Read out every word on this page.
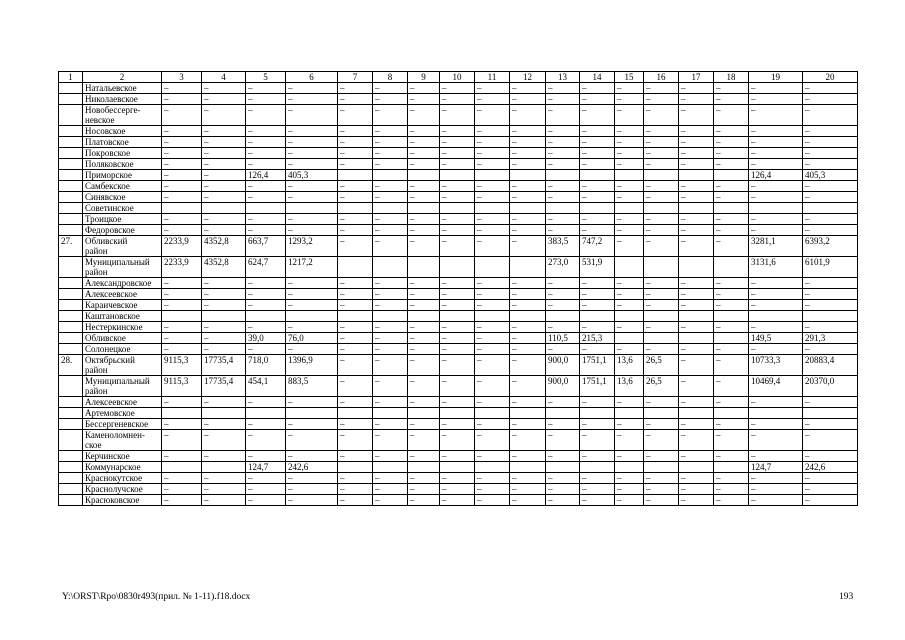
1	2	3	4	5	6	7	8	9	10	11	12	13	14	15	16	17	18	19	20
	Натальевское	–	–	–	–	–	–	–	–	–	–	–	–	–	–	–	–	–	–
	Николаевское	–	–	–	–	–	–	–	–	–	–	–	–	–	–	–	–	–	–
	Новобессерге-
невское	–	–	–	–	–	–	–	–	–	–	–	–	–	–	–	–	–	–
	Носовское	–	–	–	–	–	–	–	–	–	–	–	–	–	–	–	–	–	–
	Платовское	–	–	–	–	–	–	–	–	–	–	–	–	–	–	–	–	–	–
	Покровское	–	–	–	–	–	–	–	–	–	–	–	–	–	–	–	–	–	–
	Поляковское	–	–	–	–	–	–	–	–	–	–	–	–	–	–	–	–	–	–
	Приморское	–	–	126,4	405,3													126,4	405,3
	Самбекское	–	–	–	–	–	–	–	–	–	–	–	–	–	–	–	–	–	–
	Синявское	–	–	–	–	–	–	–	–	–	–	–	–	–	–	–	–	–	–
	Советинское																		
	Троицкое	–	–	–	–	–	–	–	–	–	–	–	–	–	–	–	–	–	–
	Федоровское	–	–	–	–	–	–	–	–	–	–	–	–	–	–	–	–	–	–
27.	Обливский
район	2233,9	4352,8	663,7	1293,2	–	–	–	–	–	–	383,5	747,2	–	–	–	–	3281,1	6393,2
	Муниципальный
район	2233,9	4352,8	624,7	1217,2							273,0	531,9					3131,6	6101,9
	Александровское	–	–	–	–	–	–	–	–	–	–	–	–	–	–	–	–	–	–
	Алексеевское	–	–	–	–	–	–	–	–	–	–	–	–	–	–	–	–	–	–
	Караичевское	–	–	–	–	–	–	–	–	–	–	–	–	–	–	–	–	–	–
	Каштановское																		
	Нестеркинское	–	–	–	–	–	–	–	–	–	–	–	–	–	–	–	–	–	–
	Обливское	–	–	39,0	76,0	–	–	–	–	–	–	110,5	215,3					149,5	291,3
	Солонецкое	–	–	–	–	–	–	–	–	–	–	–	–	–	–	–	–	–	–
28.	Октябрьский
район	9115,3	17735,4	718,0	1396,9	–	–	–	–	–	–	900,0	1751,1	13,6	26,5	–	–	10733,3	20883,4
	Муниципальный
район	9115,3	17735,4	454,1	883,5	–	–	–	–	–	–	900,0	1751,1	13,6	26,5	–	–	10469,4	20370,0
	Алексеевское	–	–	–	–	–	–	–	–	–	–	–	–	–	–	–	–	–	–
	Артемовское																		
	Бессергеневское	–	–	–	–	–	–	–	–	–	–	–	–	–	–	–	–	–	–
	Каменоломнен-
ское	–	–	–	–	–	–	–	–	–	–	–	–	–	–	–	–	–	–
	Керчинское	–	–	–	–	–	–	–	–	–	–	–	–	–	–	–	–	–	–
	Коммунарское			124,7	242,6													124,7	242,6
	Краснокутское	–	–	–	–	–	–	–	–	–	–	–	–	–	–	–	–	–	–
	Краснолучское	–	–	–	–	–	–	–	–	–	–	–	–	–	–	–	–	–	–
	Красюковское	–	–	–	–	–	–	–	–	–	–	–	–	–	–	–	–	–	–
Y:\ORST\Rpo\0830r493(прил. № 1-11).f18.docx	193
